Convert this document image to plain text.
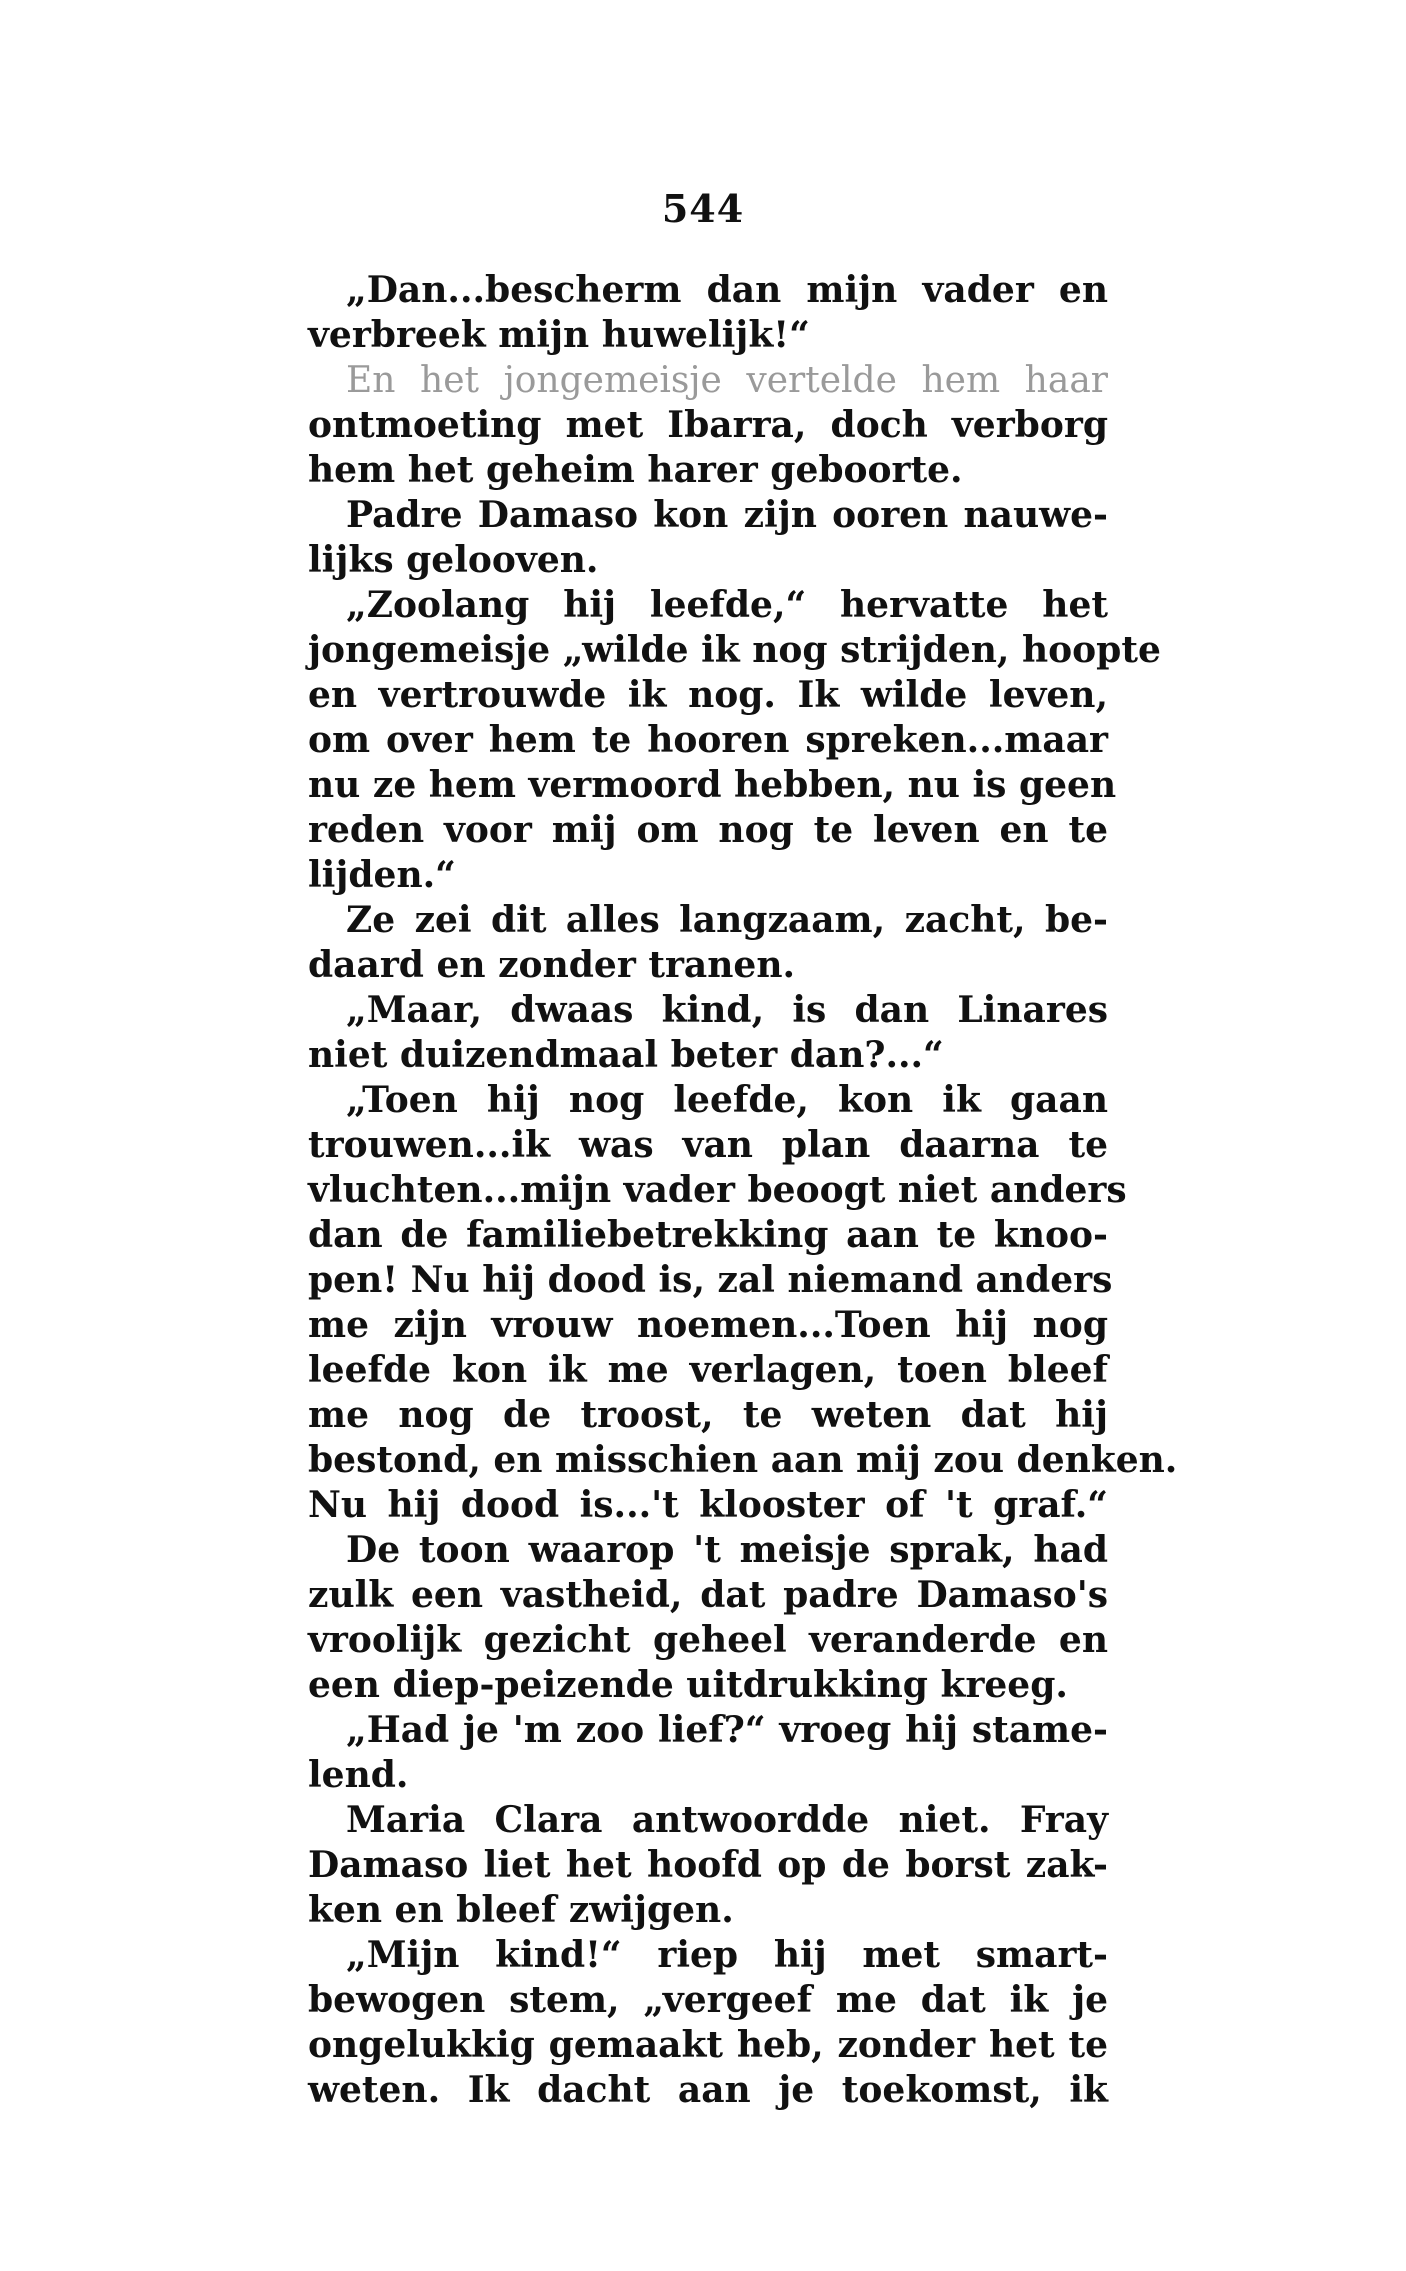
544
„Dan...bescherm dan mijn vader en
verbreek mijn huwelijk!“
En het jongemeisje vertelde hem haar
ontmoeting met Ibarra, doch verborg
hem het geheim harer geboorte.
Padre Damaso kon zijn ooren nauwe-
lijks gelooven.
„Zoolang hij leefde,“ hervatte het
jongemeisje „wilde ik nog strijden, hoopte
en vertrouwde ik nog. Ik wilde leven,
om over hem te hooren spreken...maar
nu ze hem vermoord hebben, nu is geen
reden voor mij om nog te leven en te
lijden.“
Ze zei dit alles langzaam, zacht, be-
daard en zonder tranen.
„Maar, dwaas kind, is dan Linares
niet duizendmaal beter dan?...“
„Toen hij nog leefde, kon ik gaan
trouwen...ik was van plan daarna te
vluchten...mijn vader beoogt niet anders
dan de familiebetrekking aan te knoo-
pen! Nu hij dood is, zal niemand anders
me zijn vrouw noemen...Toen hij nog
leefde kon ik me verlagen, toen bleef
me nog de troost, te weten dat hij
bestond, en misschien aan mij zou denken.
Nu hij dood is...'t klooster of 't graf.“
De toon waarop 't meisje sprak, had
zulk een vastheid, dat padre Damaso's
vroolijk gezicht geheel veranderde en
een diep-peizende uitdrukking kreeg.
„Had je 'm zoo lief?“ vroeg hij stame-
lend.
Maria Clara antwoordde niet. Fray
Damaso liet het hoofd op de borst zak-
ken en bleef zwijgen.
„Mijn kind!“ riep hij met smart-
bewogen stem, „vergeef me dat ik je
ongelukkig gemaakt heb, zonder het te
weten. Ik dacht aan je toekomst, ik
